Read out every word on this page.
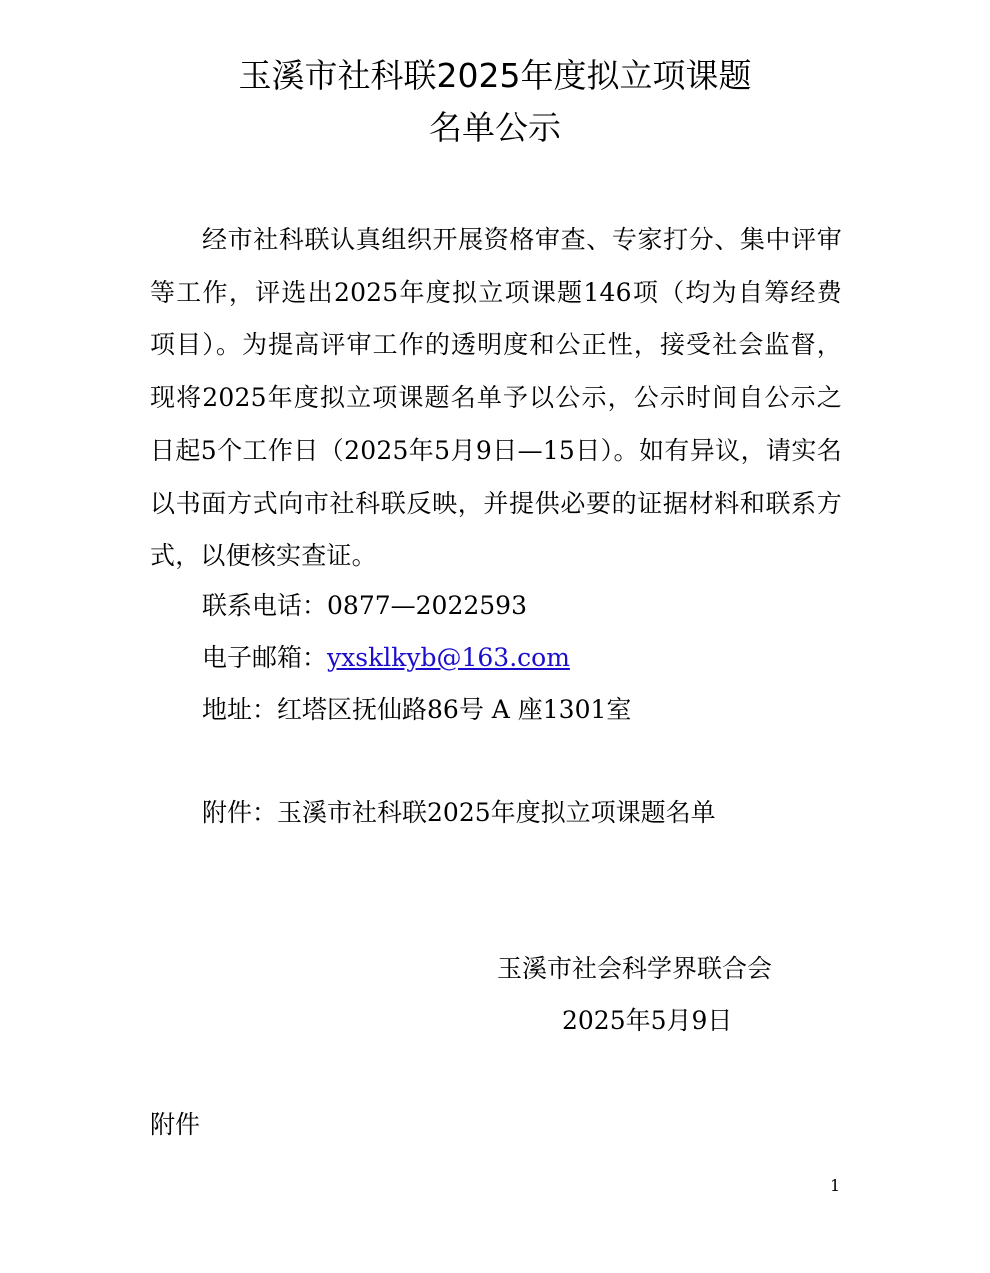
玉溪市社科联2025年度拟立项课题
名单公示

经市社科联认真组织开展资格审查、专家打分、集中评审等工作，评选出2025年度拟立项课题146项（均为自筹经费项目）。为提高评审工作的透明度和公正性，接受社会监督，现将2025年度拟立项课题名单予以公示，公示时间自公示之日起5个工作日（2025年5月9日—15日）。如有异议，请实名以书面方式向市社科联反映，并提供必要的证据材料和联系方式，以便核实查证。

联系电话：0877—2022593
电子邮箱：yxsklkyb@163.com
地址：红塔区抚仙路86号 A 座1301室
附件：玉溪市社科联2025年度拟立项课题名单
玉溪市社会科学界联合会
2025年5月9日
附件
1
